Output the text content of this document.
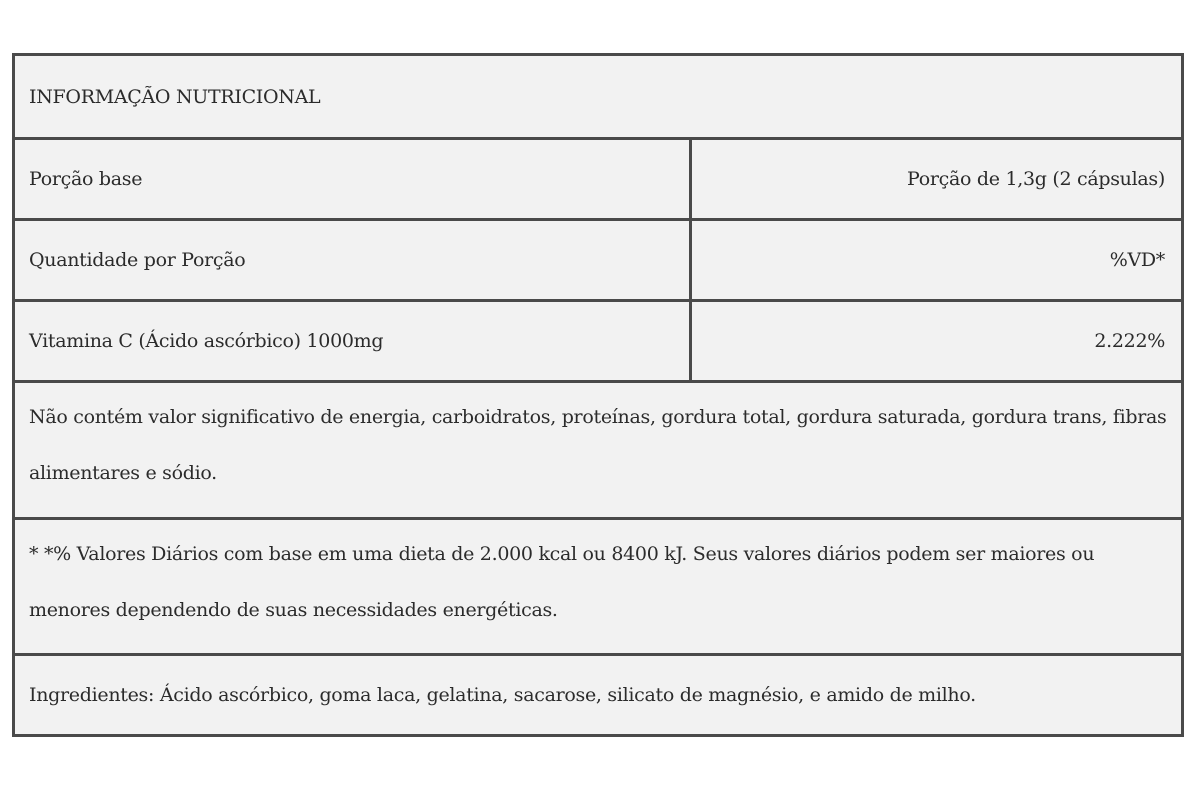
INFORMAÇÃO NUTRICIONAL
Porção base	Porção de 1,3g (2 cápsulas)
Quantidade por Porção	%VD*
Vitamina C (Ácido ascórbico) 1000mg	2.222%
Não contém valor significativo de energia, carboidratos, proteínas, gordura total, gordura saturada, gordura trans, fibras alimentares e sódio.
* *% Valores Diários com base em uma dieta de 2.000 kcal ou 8400 kJ. Seus valores diários podem ser maiores ou menores dependendo de suas necessidades energéticas.
Ingredientes: Ácido ascórbico, goma laca, gelatina, sacarose, silicato de magnésio, e amido de milho.
